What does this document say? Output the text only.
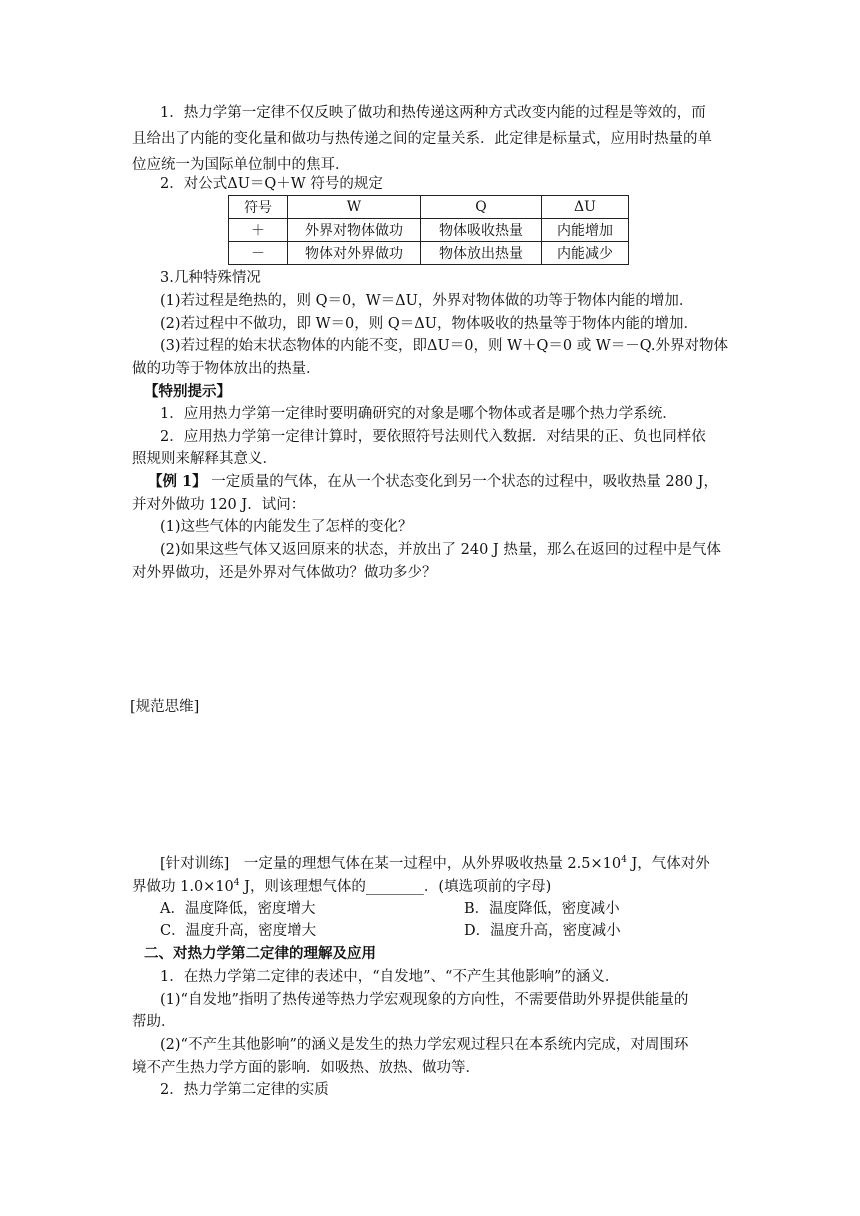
1．热力学第一定律不仅反映了做功和热传递这两种方式改变内能的过程是等效的，而
且给出了内能的变化量和做功与热传递之间的定量关系．此定律是标量式，应用时热量的单
位应统一为国际单位制中的焦耳．
2．对公式ΔU＝Q＋W 符号的规定
符号	W	Q	ΔU
＋	外界对物体做功	物体吸收热量	内能增加
－	物体对外界做功	物体放出热量	内能减少
3.几种特殊情况
(1)若过程是绝热的，则 Q＝0，W＝ΔU，外界对物体做的功等于物体内能的增加．
(2)若过程中不做功，即 W＝0，则 Q＝ΔU，物体吸收的热量等于物体内能的增加．
(3)若过程的始末状态物体的内能不变，即ΔU＝0，则 W＋Q＝0 或 W＝－Q.外界对物体
做的功等于物体放出的热量．
【特别提示】
1．应用热力学第一定律时要明确研究的对象是哪个物体或者是哪个热力学系统．
2．应用热力学第一定律计算时，要依照符号法则代入数据．对结果的正、负也同样依
照规则来解释其意义．
【例 1】 一定质量的气体，在从一个状态变化到另一个状态的过程中，吸收热量 280 J，
并对外做功 120 J．试问：
(1)这些气体的内能发生了怎样的变化？
(2)如果这些气体又返回原来的状态，并放出了 240 J 热量，那么在返回的过程中是气体
对外界做功，还是外界对气体做功？做功多少？
[规范思维]
[针对训练]　一定量的理想气体在某一过程中，从外界吸收热量 $2.5\times 10^4$ J，气体对外
界做功 $1.0\times 10^4$ J，则该理想气体的________．(填选项前的字母)
A．温度降低，密度增大	B．温度降低，密度减小
C．温度升高，密度增大	D．温度升高，密度减小
二、对热力学第二定律的理解及应用
1．在热力学第二定律的表述中，“自发地”、“不产生其他影响”的涵义．
(1)“自发地”指明了热传递等热力学宏观现象的方向性，不需要借助外界提供能量的
帮助．
(2)“不产生其他影响”的涵义是发生的热力学宏观过程只在本系统内完成，对周围环
境不产生热力学方面的影响．如吸热、放热、做功等．
2．热力学第二定律的实质
